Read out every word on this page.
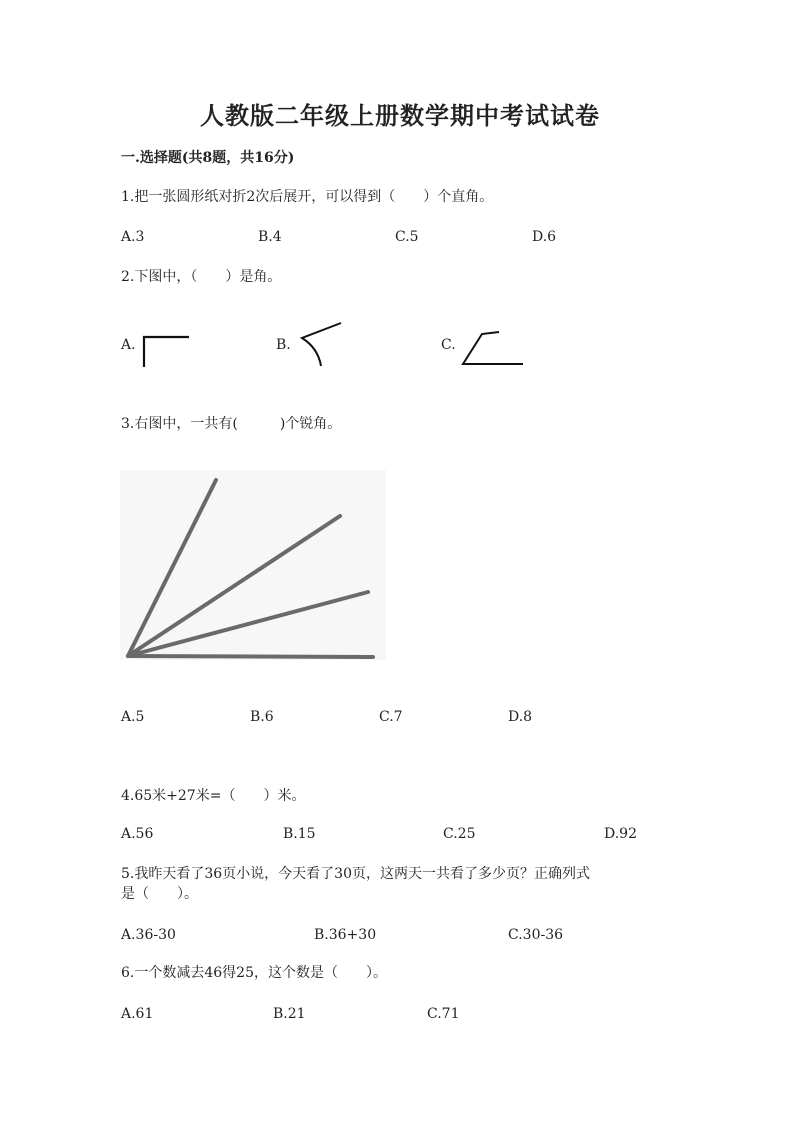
人教版二年级上册数学期中考试试卷
一.选择题(共8题，共16分)
1.把一张圆形纸对折2次后展开，可以得到（　　）个直角。
A.3	B.4	C.5	D.6
2.下图中，（　　）是角。
A.	B.	C.
3.右图中，一共有(　　　)个锐角。
A.5	B.6	C.7	D.8
4.65米+27米=（　　）米。
A.56	B.15	C.25	D.92
5.我昨天看了36页小说，今天看了30页，这两天一共看了多少页？正确列式
是（　　）。
A.36-30	B.36+30	C.30-36
6.一个数减去46得25，这个数是（　　）。
A.61	B.21	C.71
